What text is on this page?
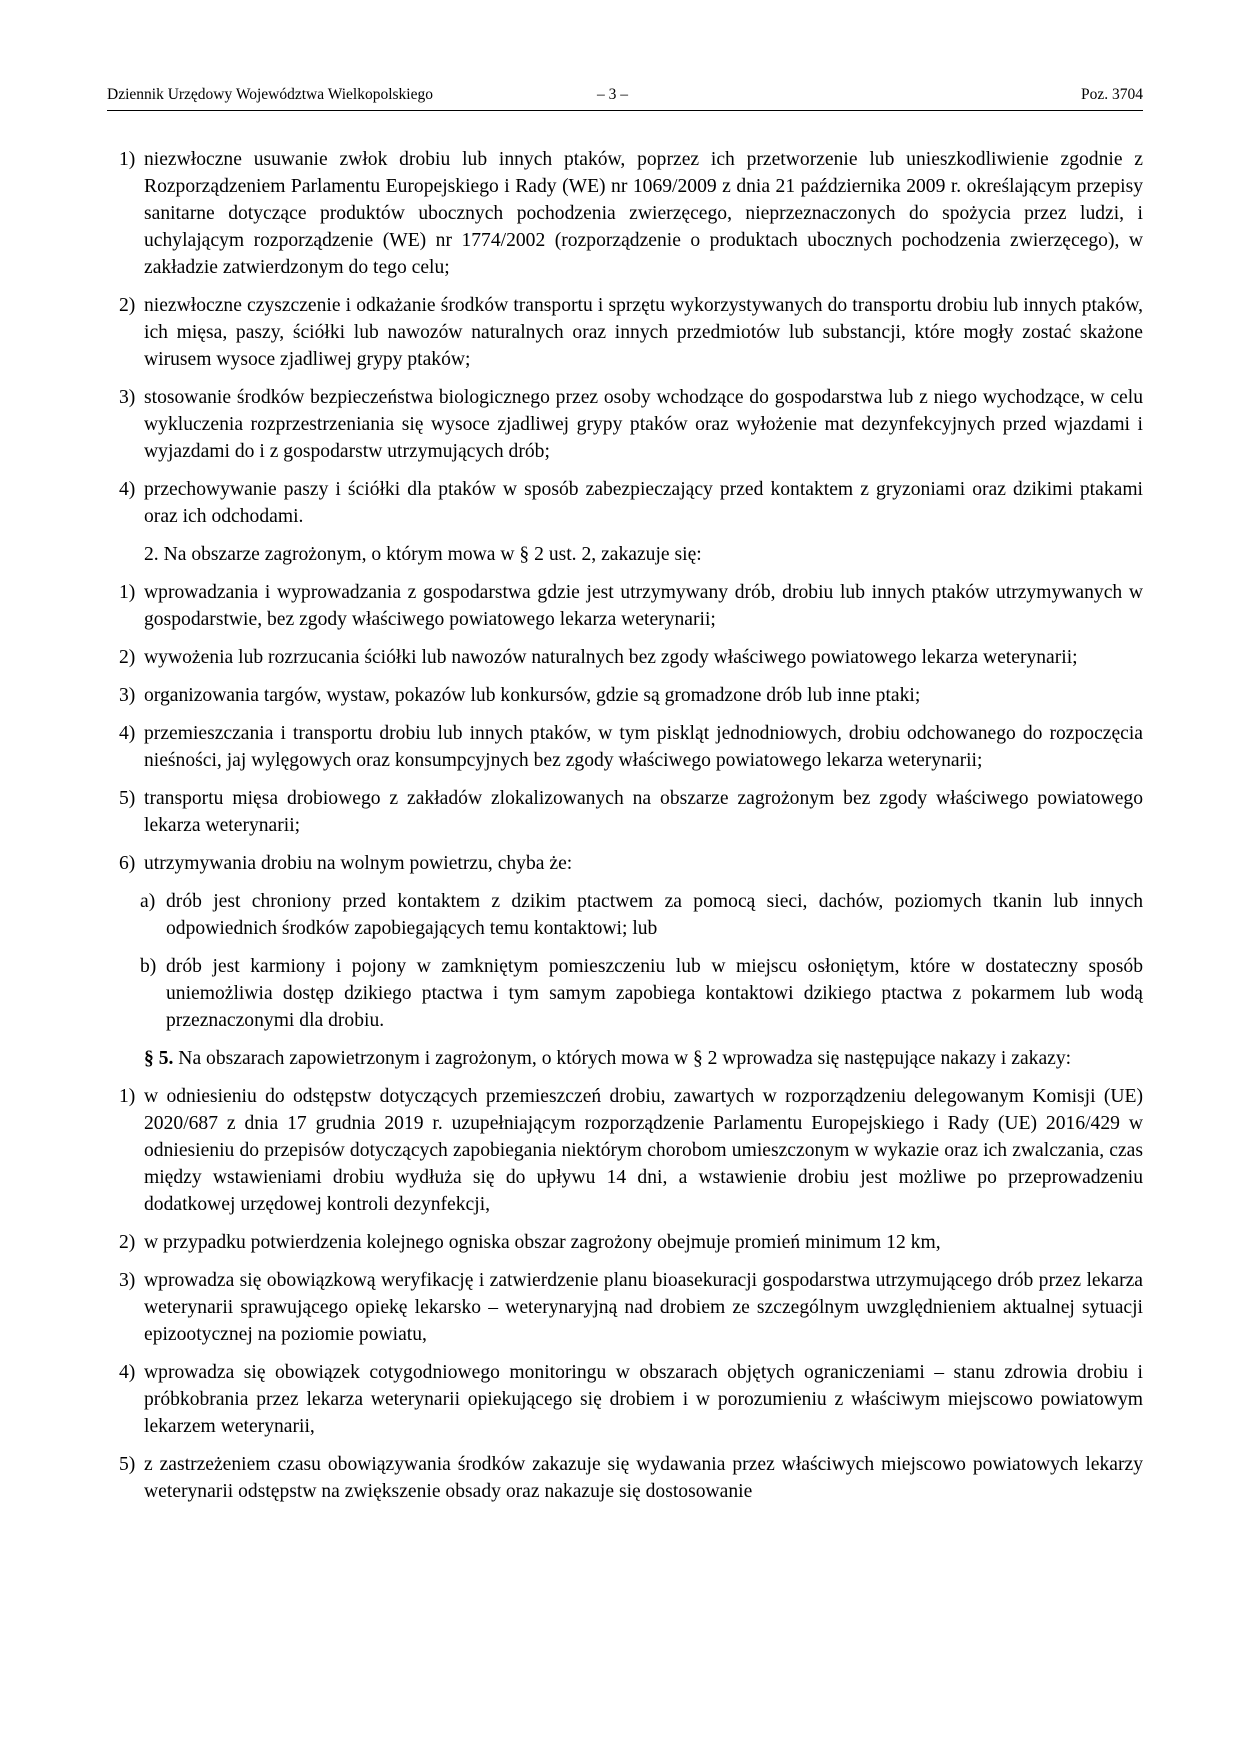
Dziennik Urzędowy Województwa Wielkopolskiego	– 3 –	Poz. 3704
1) niezwłoczne usuwanie zwłok drobiu lub innych ptaków, poprzez ich przetworzenie lub unieszkodliwienie zgodnie z Rozporządzeniem Parlamentu Europejskiego i Rady (WE) nr 1069/2009 z dnia 21 października 2009 r. określającym przepisy sanitarne dotyczące produktów ubocznych pochodzenia zwierzęcego, nieprzeznaczonych do spożycia przez ludzi, i uchylającym rozporządzenie (WE) nr 1774/2002 (rozporządzenie o produktach ubocznych pochodzenia zwierzęcego), w zakładzie zatwierdzonym do tego celu;
2) niezwłoczne czyszczenie i odkażanie środków transportu i sprzętu wykorzystywanych do transportu drobiu lub innych ptaków, ich mięsa, paszy, ściółki lub nawozów naturalnych oraz innych przedmiotów lub substancji, które mogły zostać skażone wirusem wysoce zjadliwej grypy ptaków;
3) stosowanie środków bezpieczeństwa biologicznego przez osoby wchodzące do gospodarstwa lub z niego wychodzące, w celu wykluczenia rozprzestrzeniania się wysoce zjadliwej grypy ptaków oraz wyłożenie mat dezynfekcyjnych przed wjazdami i wyjazdami do i z gospodarstw utrzymujących drób;
4) przechowywanie paszy i ściółki dla ptaków w sposób zabezpieczający przed kontaktem z gryzoniami oraz dzikimi ptakami oraz ich odchodami.
2. Na obszarze zagrożonym, o którym mowa w § 2 ust. 2, zakazuje się:
1) wprowadzania i wyprowadzania z gospodarstwa gdzie jest utrzymywany drób, drobiu lub innych ptaków utrzymywanych w gospodarstwie, bez zgody właściwego powiatowego lekarza weterynarii;
2) wywożenia lub rozrzucania ściółki lub nawozów naturalnych bez zgody właściwego powiatowego lekarza weterynarii;
3) organizowania targów, wystaw, pokazów lub konkursów, gdzie są gromadzone drób lub inne ptaki;
4) przemieszczania i transportu drobiu lub innych ptaków, w tym piskląt jednodniowych, drobiu odchowanego do rozpoczęcia nieśności, jaj wylęgowych oraz konsumpcyjnych bez zgody właściwego powiatowego lekarza weterynarii;
5) transportu mięsa drobiowego z zakładów zlokalizowanych na obszarze zagrożonym bez zgody właściwego powiatowego lekarza weterynarii;
6) utrzymywania drobiu na wolnym powietrzu, chyba że:
a) drób jest chroniony przed kontaktem z dzikim ptactwem za pomocą sieci, dachów, poziomych tkanin lub innych odpowiednich środków zapobiegających temu kontaktowi; lub
b) drób jest karmiony i pojony w zamkniętym pomieszczeniu lub w miejscu osłoniętym, które w dostateczny sposób uniemożliwia dostęp dzikiego ptactwa i tym samym zapobiega kontaktowi dzikiego ptactwa z pokarmem lub wodą przeznaczonymi dla drobiu.
§ 5. Na obszarach zapowietrzonym i zagrożonym, o których mowa w § 2 wprowadza się następujące nakazy i zakazy:
1) w odniesieniu do odstępstw dotyczących przemieszczeń drobiu, zawartych w rozporządzeniu delegowanym Komisji (UE) 2020/687 z dnia 17 grudnia 2019 r. uzupełniającym rozporządzenie Parlamentu Europejskiego i Rady (UE) 2016/429 w odniesieniu do przepisów dotyczących zapobiegania niektórym chorobom umieszczonym w wykazie oraz ich zwalczania, czas między wstawieniami drobiu wydłuża się do upływu 14 dni, a wstawienie drobiu jest możliwe po przeprowadzeniu dodatkowej urzędowej kontroli dezynfekcji,
2) w przypadku potwierdzenia kolejnego ogniska obszar zagrożony obejmuje promień minimum 12 km,
3) wprowadza się obowiązkową weryfikację i zatwierdzenie planu bioasekuracji gospodarstwa utrzymującego drób przez lekarza weterynarii sprawującego opiekę lekarsko – weterynaryjną nad drobiem ze szczególnym uwzględnieniem aktualnej sytuacji epizootycznej na poziomie powiatu,
4) wprowadza się obowiązek cotygodniowego monitoringu w obszarach objętych ograniczeniami – stanu zdrowia drobiu i próbkobrania przez lekarza weterynarii opiekującego się drobiem i w porozumieniu z właściwym miejscowo powiatowym lekarzem weterynarii,
5) z zastrzeżeniem czasu obowiązywania środków zakazuje się wydawania przez właściwych miejscowo powiatowych lekarzy weterynarii odstępstw na zwiększenie obsady oraz nakazuje się dostosowanie
